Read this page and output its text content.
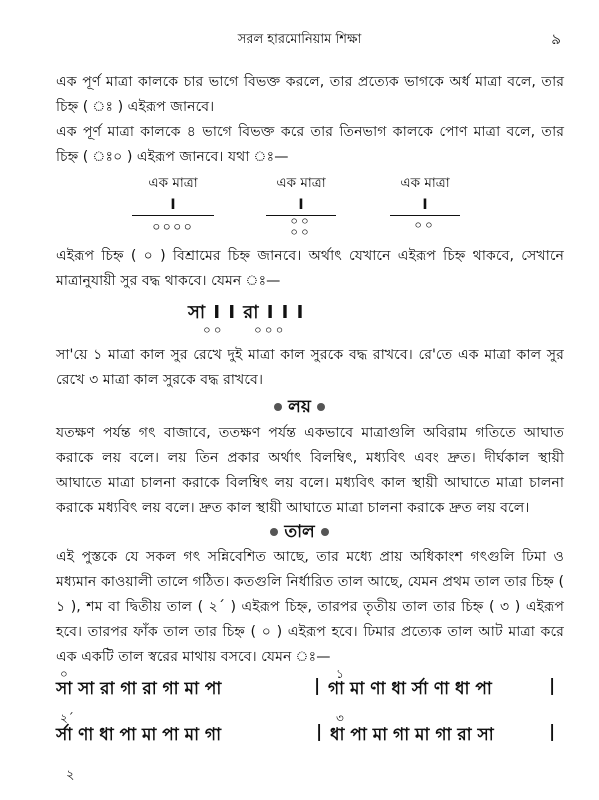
সরল হারমোনিয়াম শিক্ষা	৯
এক পূর্ণ মাত্রা কালকে চার ভাগে বিভক্ত করলে, তার প্রত্যেক ভাগকে অর্ধ মাত্রা বলে, তার চিহ্ন ( ঃ ) এইরূপ জানবে।
এক পূর্ণ মাত্রা কালকে ৪ ভাগে বিভক্ত করে তার তিনভাগ কালকে পোণ মাত্রা বলে, তার চিহ্ন ( ঃ০ ) এইরূপ জানবে। যথা ঃ—
এক মাত্রা
I
০০০০
এক মাত্রা
I
০০
০০
এক মাত্রা
I
০০
এইরূপ চিহ্ন ( ০ ) বিশ্রামের চিহ্ন জানবে। অর্থাৎ যেখানে এইরূপ চিহ্ন থাকবে, সেখানে মাত্রানুযায়ী সুর বদ্ধ থাকবে। যেমন ঃ—
সা I I রা I I I
০০ ০০০
সা'য়ে ১ মাত্রা কাল সুর রেখে দুই মাত্রা কাল সুরকে বদ্ধ রাখবে। রে'তে এক মাত্রা কাল সুর রেখে ৩ মাত্রা কাল সুরকে বদ্ধ রাখবে।
লয়
যতক্ষণ পর্যন্ত গৎ বাজাবে, ততক্ষণ পর্যন্ত একভাবে মাত্রাগুলি অবিরাম গতিতে আঘাত করাকে লয় বলে। লয় তিন প্রকার অর্থাৎ বিলম্বিৎ, মধ্যবিৎ এবং দ্রুত। দীর্ঘকাল স্থায়ী আঘাতে মাত্রা চালনা করাকে বিলম্বিৎ লয় বলে। মধ্যবিৎ কাল স্থায়ী আঘাতে মাত্রা চালনা করাকে মধ্যবিৎ লয় বলে। দ্রুত কাল স্থায়ী আঘাতে মাত্রা চালনা করাকে দ্রুত লয় বলে।
তাল
এই পুস্তকে যে সকল গৎ সন্নিবেশিত আছে, তার মধ্যে প্রায় অধিকাংশ গৎগুলি ঢিমা ও মধ্যমান কাওয়ালী তালে গঠিত। কতগুলি নির্ধারিত তাল আছে, যেমন প্রথম তাল তার চিহ্ন ( ১ ), শম বা দ্বিতীয় তাল ( ২´ ) এইরূপ চিহ্ন, তারপর তৃতীয় তাল তার চিহ্ন ( ৩ ) এইরূপ হবে। তারপর ফাঁক তাল তার চিহ্ন ( ০ ) এইরূপ হবে। ঢিমার প্রত্যেক তাল আট মাত্রা করে এক একটি তাল স্বরের মাথায় বসবে। যেমন ঃ—
০	১
সা সা রা গা রা গা মা পা	| গা মা ণা ধা র্সা ণা ধা পা	|
২´	৩
র্সা ণা ধা পা মা পা মা গা	| ধা পা মা গা মা গা রা সা	|
২
